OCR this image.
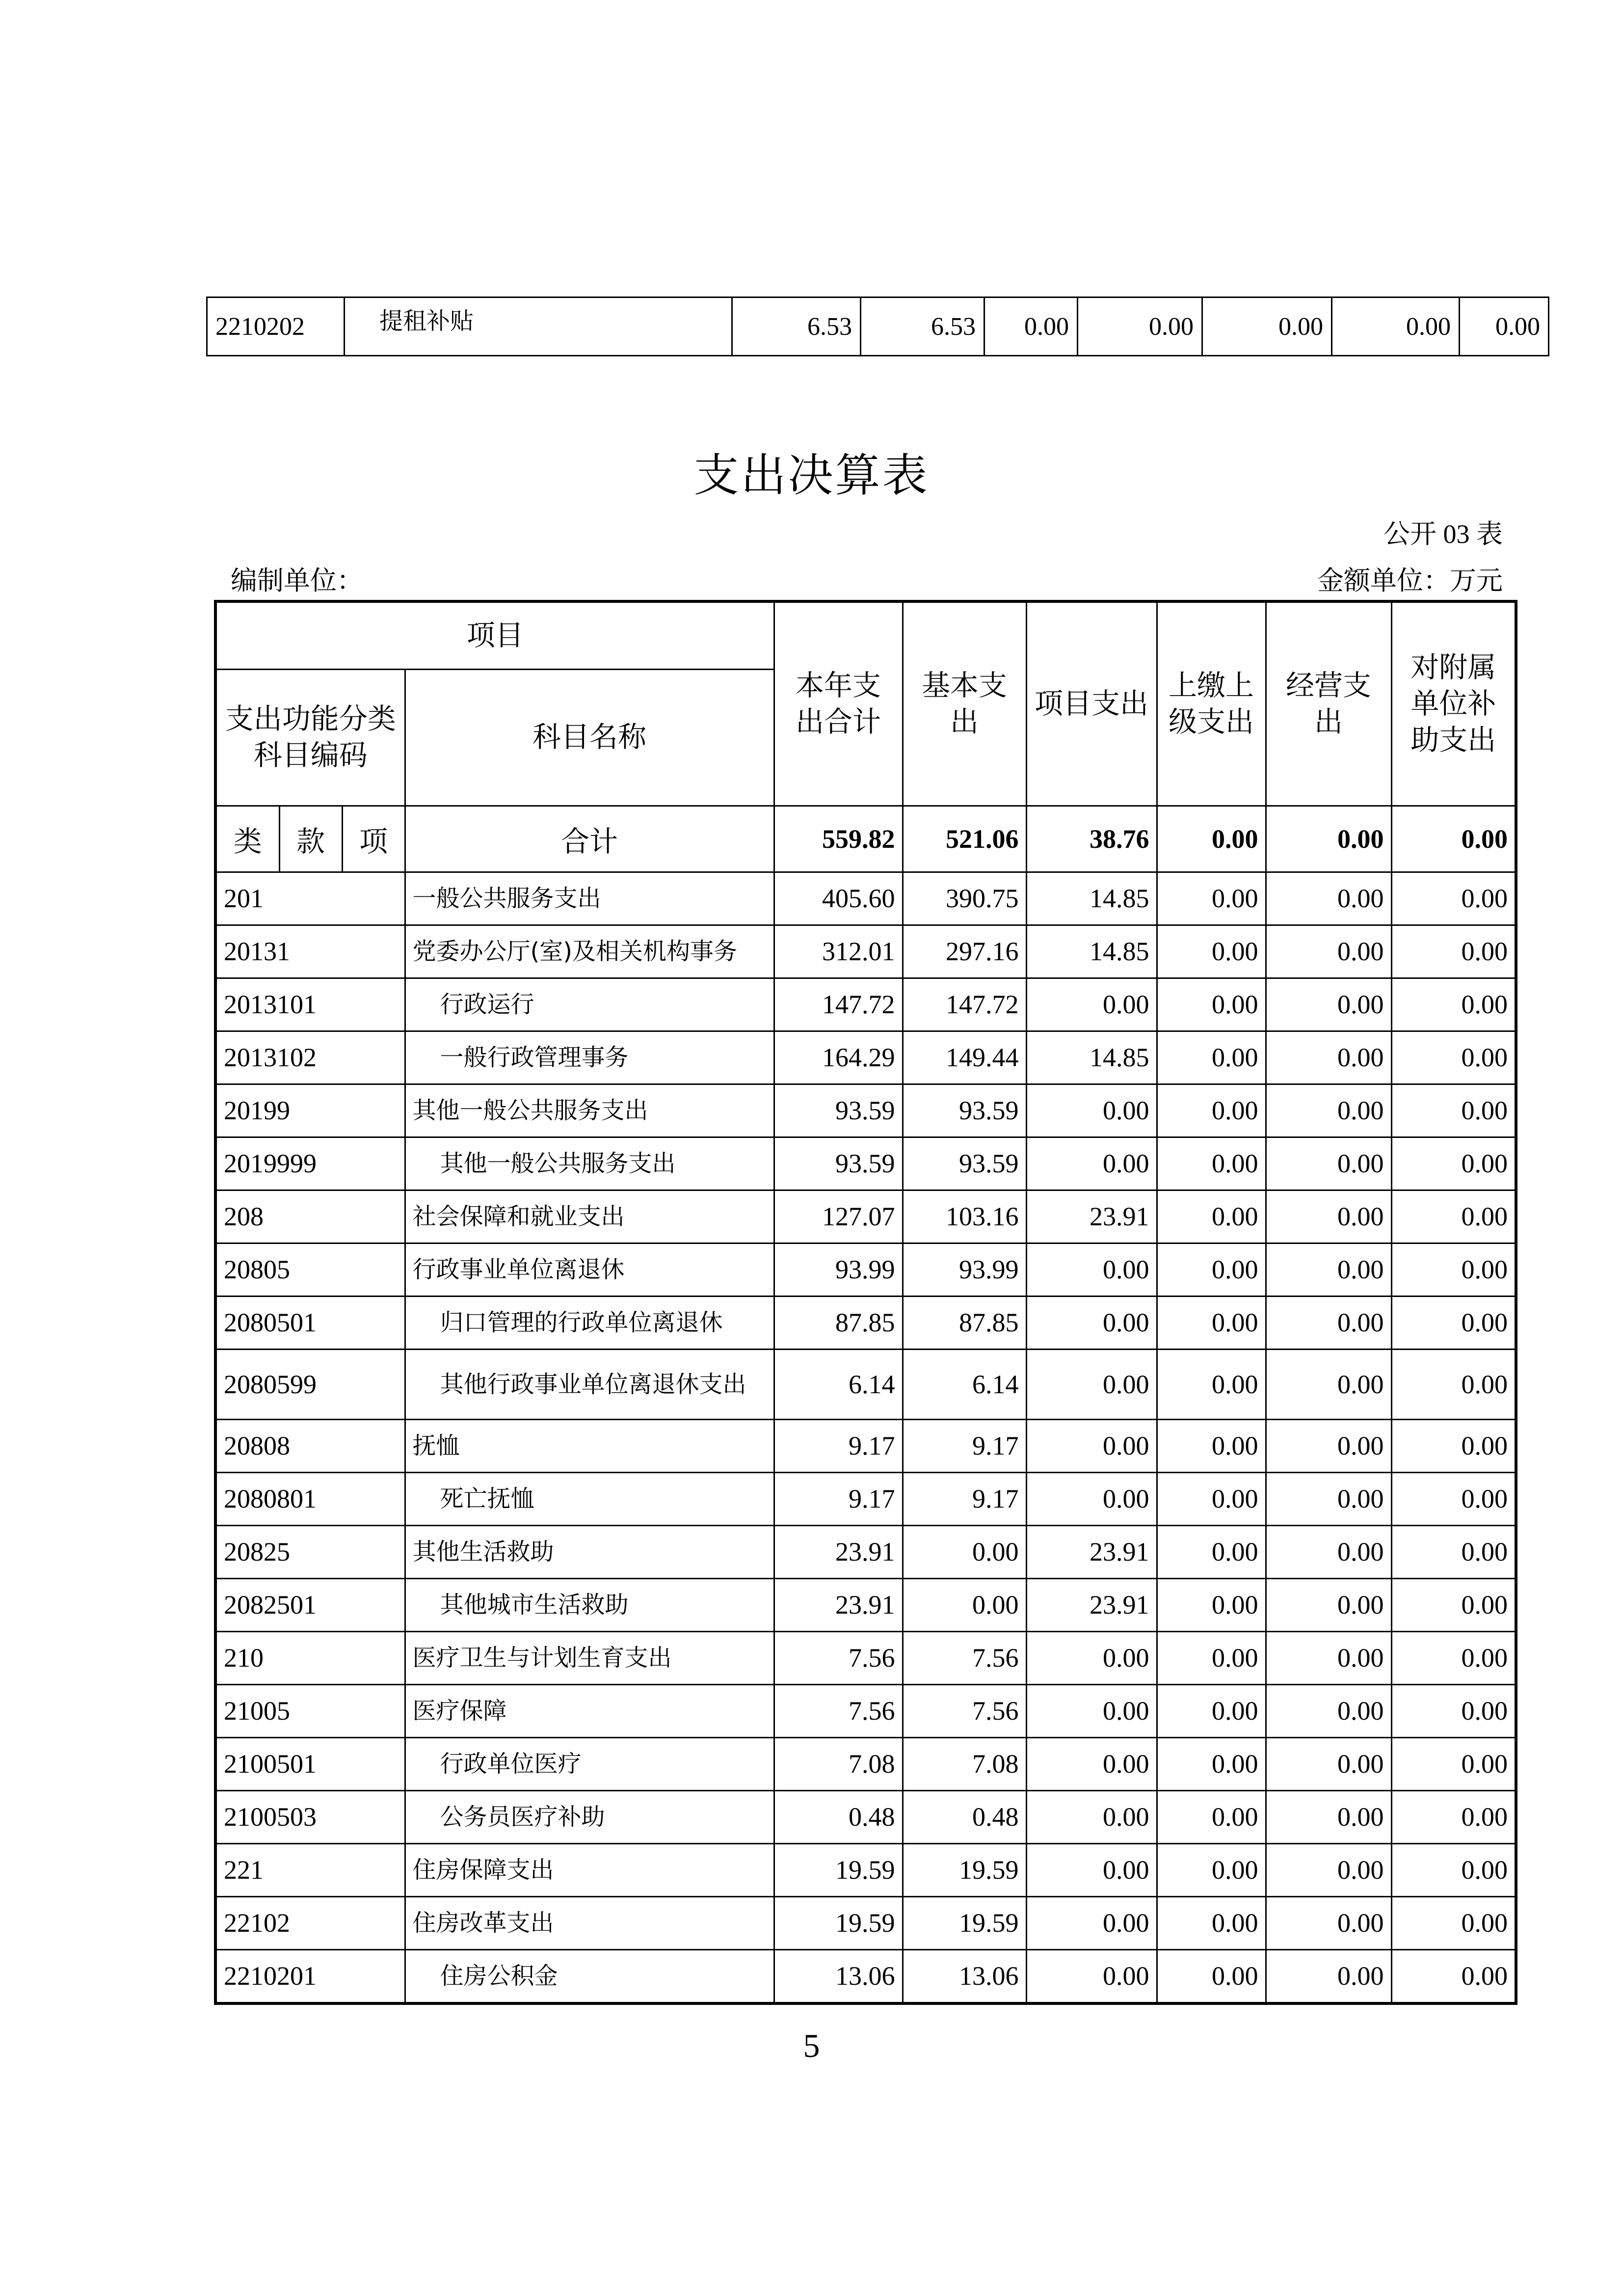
2210202	提租补贴	6.53	6.53	0.00	0.00	0.00	0.00	0.00
支出决算表
公开 03 表
编制单位：	金额单位：万元
项目				本年支出合计	基本支出	项目支出	上缴上级支出	经营支出	对附属单位补助支出
支出功能分类科目编码			科目名称						
类	款	项	合计	559.82	521.06	38.76	0.00	0.00	0.00
201			一般公共服务支出	405.60	390.75	14.85	0.00	0.00	0.00
20131			党委办公厅(室)及相关机构事务	312.01	297.16	14.85	0.00	0.00	0.00
2013101			行政运行	147.72	147.72	0.00	0.00	0.00	0.00
2013102			一般行政管理事务	164.29	149.44	14.85	0.00	0.00	0.00
20199			其他一般公共服务支出	93.59	93.59	0.00	0.00	0.00	0.00
2019999			其他一般公共服务支出	93.59	93.59	0.00	0.00	0.00	0.00
208			社会保障和就业支出	127.07	103.16	23.91	0.00	0.00	0.00
20805			行政事业单位离退休	93.99	93.99	0.00	0.00	0.00	0.00
2080501			归口管理的行政单位离退休	87.85	87.85	0.00	0.00	0.00	0.00
2080599			其他行政事业单位离退休支出	6.14	6.14	0.00	0.00	0.00	0.00
20808			抚恤	9.17	9.17	0.00	0.00	0.00	0.00
2080801			死亡抚恤	9.17	9.17	0.00	0.00	0.00	0.00
20825			其他生活救助	23.91	0.00	23.91	0.00	0.00	0.00
2082501			其他城市生活救助	23.91	0.00	23.91	0.00	0.00	0.00
210			医疗卫生与计划生育支出	7.56	7.56	0.00	0.00	0.00	0.00
21005			医疗保障	7.56	7.56	0.00	0.00	0.00	0.00
2100501			行政单位医疗	7.08	7.08	0.00	0.00	0.00	0.00
2100503			公务员医疗补助	0.48	0.48	0.00	0.00	0.00	0.00
221			住房保障支出	19.59	19.59	0.00	0.00	0.00	0.00
22102			住房改革支出	19.59	19.59	0.00	0.00	0.00	0.00
2210201			住房公积金	13.06	13.06	0.00	0.00	0.00	0.00
5
